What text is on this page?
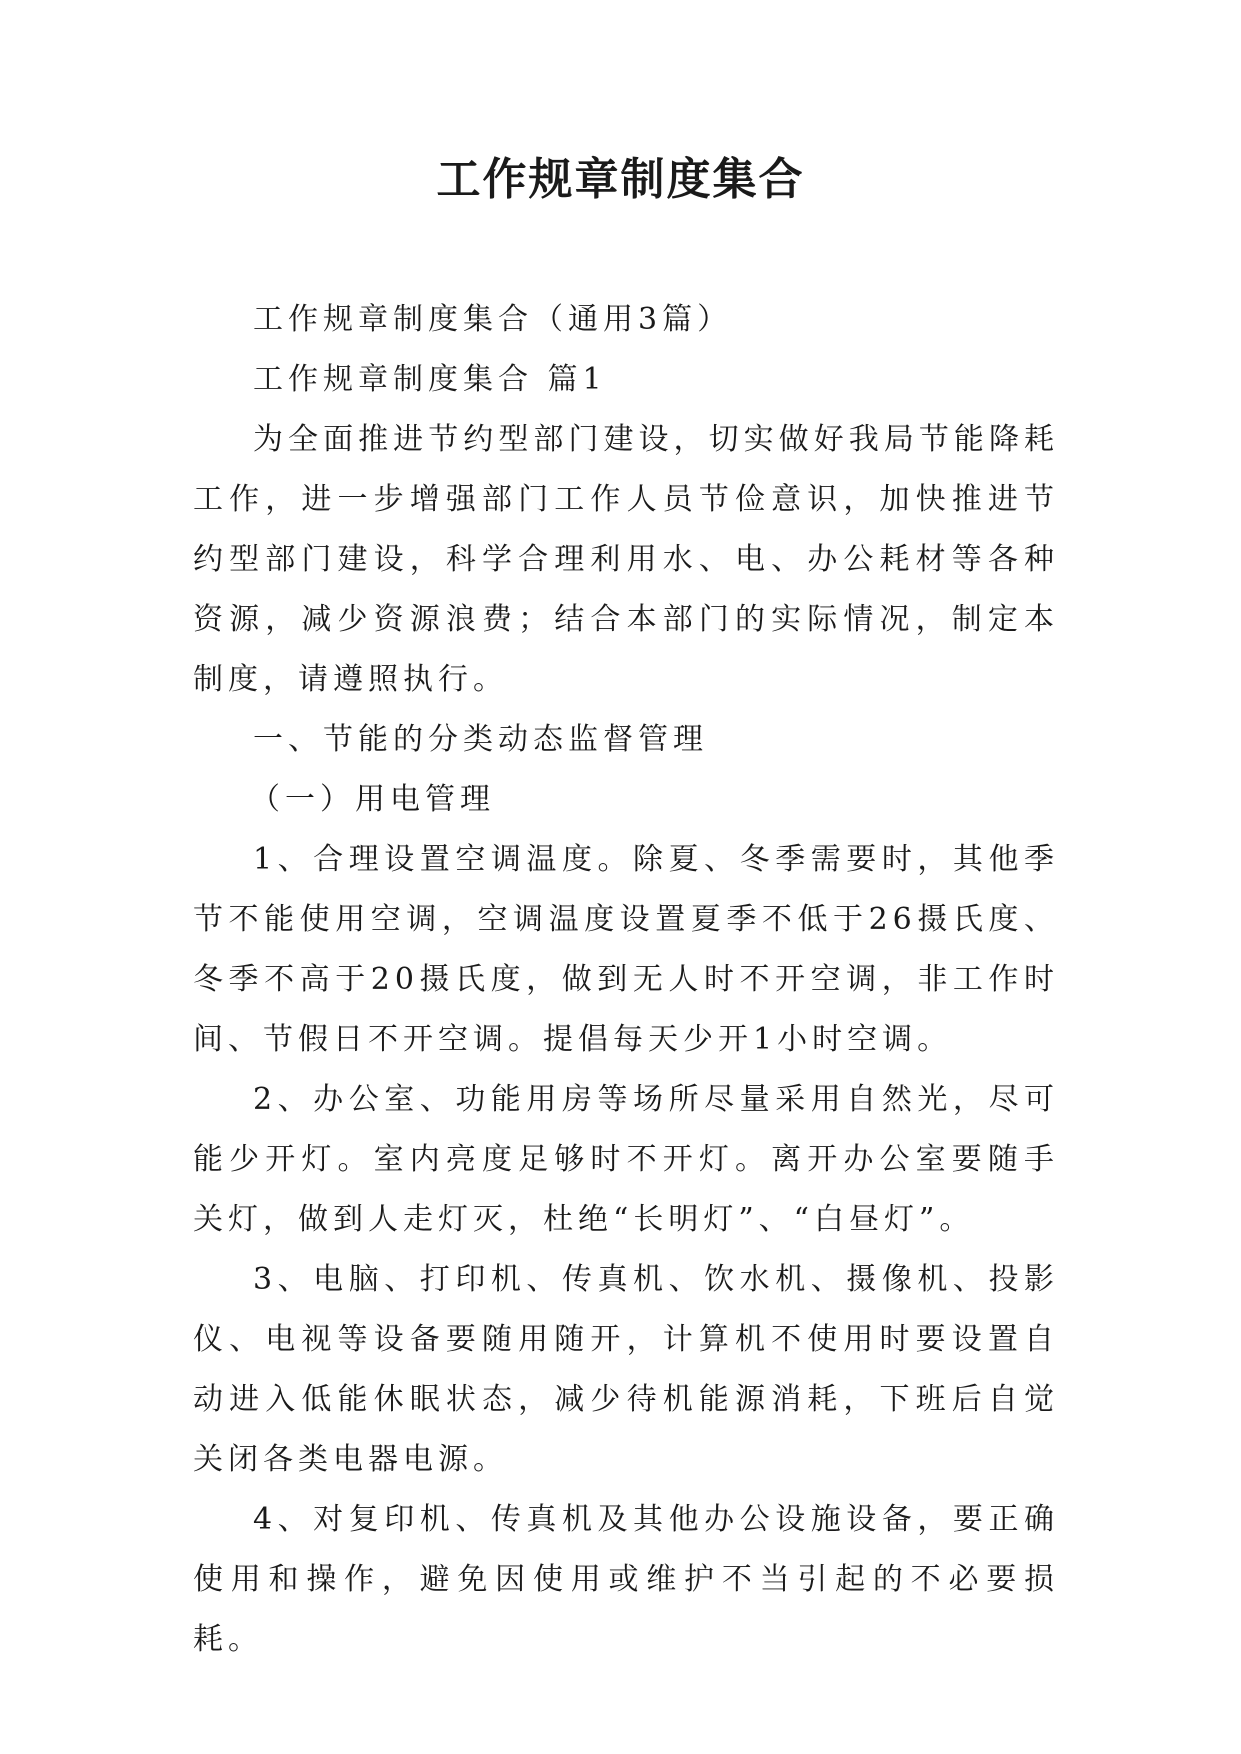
工作规章制度集合

工作规章制度集合（通用3篇）

工作规章制度集合 篇1

为全面推进节约型部门建设，切实做好我局节能降耗工作，进一步增强部门工作人员节俭意识，加快推进节约型部门建设，科学合理利用水、电、办公耗材等各种资源，减少资源浪费；结合本部门的实际情况，制定本制度，请遵照执行。

一、节能的分类动态监督管理

（一）用电管理

1、合理设置空调温度。除夏、冬季需要时，其他季节不能使用空调，空调温度设置夏季不低于26摄氏度、冬季不高于20摄氏度，做到无人时不开空调，非工作时间、节假日不开空调。提倡每天少开1小时空调。

2、办公室、功能用房等场所尽量采用自然光，尽可能少开灯。室内亮度足够时不开灯。离开办公室要随手关灯，做到人走灯灭，杜绝“长明灯”、“白昼灯”。

3、电脑、打印机、传真机、饮水机、摄像机、投影仪、电视等设备要随用随开，计算机不使用时要设置自动进入低能休眠状态，减少待机能源消耗，下班后自觉关闭各类电器电源。

4、对复印机、传真机及其他办公设施设备，要正确使用和操作，避免因使用或维护不当引起的不必要损耗。
